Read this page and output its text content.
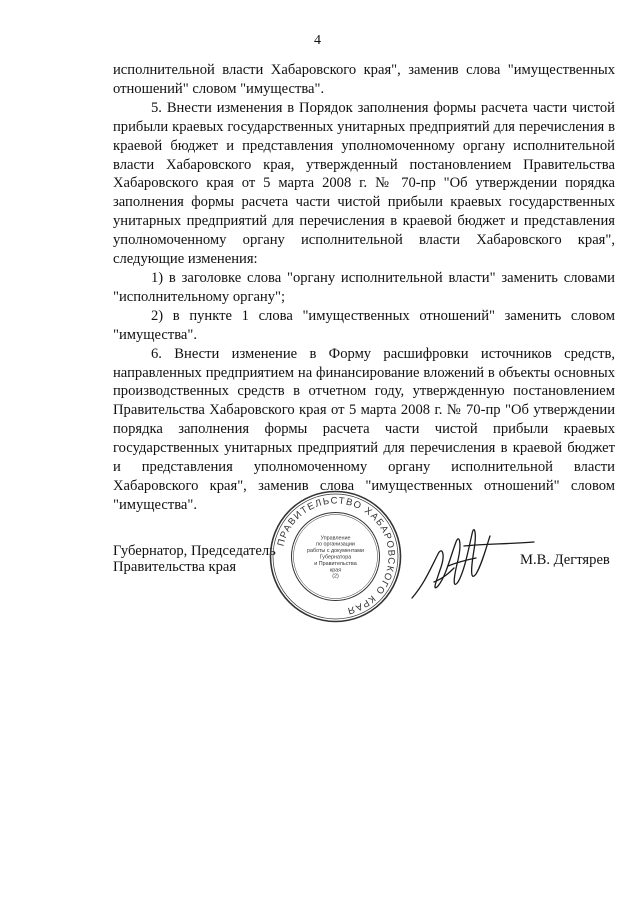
4

исполнительной власти Хабаровского края", заменив слова "имущественных отношений" словом "имущества".

5. Внести изменения в Порядок заполнения формы расчета части чистой прибыли краевых государственных унитарных предприятий для перечисления в краевой бюджет и представления уполномоченному органу исполнительной власти Хабаровского края, утвержденный постановлением Правительства Хабаровского края от 5 марта 2008 г. № 70-пр "Об утверждении порядка заполнения формы расчета части чистой прибыли краевых государственных унитарных предприятий для перечисления в краевой бюджет и представления уполномоченному органу исполнительной власти Хабаровского края", следующие изменения:

1) в заголовке слова "органу исполнительной власти" заменить словами "исполнительному органу";

2) в пункте 1 слова "имущественных отношений" заменить словом "имущества".

6. Внести изменение в Форму расшифровки источников средств, направленных предприятием на финансирование вложений в объекты основных производственных средств в отчетном году, утвержденную постановлением Правительства Хабаровского края от 5 марта 2008 г. № 70-пр "Об утверждении порядка заполнения формы расчета части чистой прибыли краевых государственных унитарных предприятий для перечисления в краевой бюджет и представления уполномоченному органу исполнительной власти Хабаровского края", заменив слова "имущественных отношений" словом "имущества".

Губернатор, Председатель
Правительства края	М.В. Дегтярев
ПРАВИТЕЛЬСТВО ХАБАРОВСКОГО КРАЯ
Управление
по организации
работы с документами
Губернатора
и Правительства
края
(2)
